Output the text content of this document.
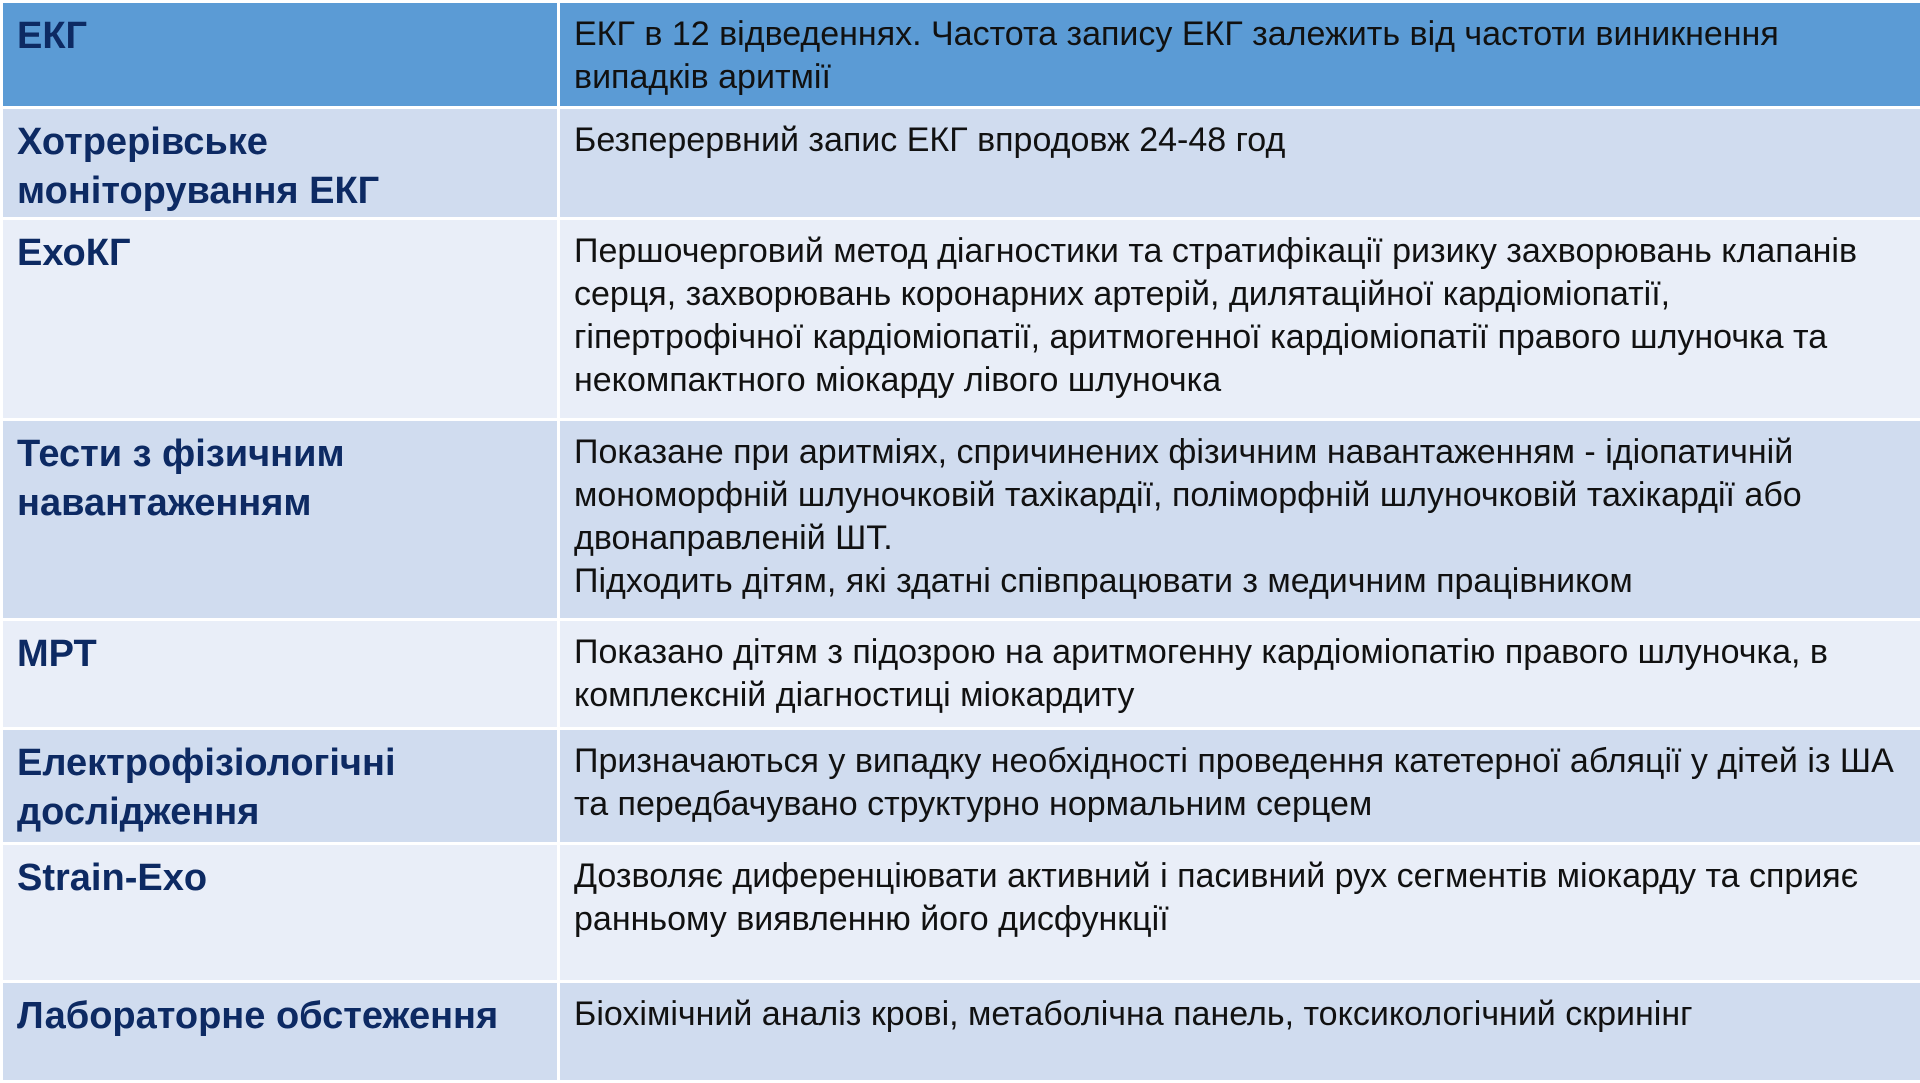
ЕКГ	ЕКГ в 12 відведеннях. Частота запису ЕКГ залежить від частоти виникнення випадків аритмії
Хотрерівське моніторування ЕКГ	Безперервний запис ЕКГ впродовж 24-48 год
ЕхоКГ	Першочерговий метод діагностики та стратифікації ризику захворювань клапанів серця, захворювань коронарних артерій, дилятаційної кардіоміопатії, гіпертрофічної кардіоміопатії, аритмогенної кардіоміопатії правого шлуночка та некомпактного міокарду лівого шлуночка
Тести з фізичним навантаженням	Показане при аритміях, спричинених фізичним навантаженням - ідіопатичній мономорфній шлуночковій тахікардії, поліморфній шлуночковій тахікардії або двонаправленій ШТ.
Підходить дітям, які здатні співпрацювати з медичним працівником
МРТ	Показано дітям з підозрою на аритмогенну кардіоміопатію правого шлуночка, в комплексній діагностиці міокардиту
Електрофізіологічні дослідження	Призначаються у випадку необхідності проведення катетерної абляції у дітей із ША та передбачувано структурно нормальним серцем
Strain-Exo	Дозволяє диференціювати активний і пасивний рух сегментів міокарду та сприяє ранньому виявленню його дисфункції
Лабораторне обстеження	Біохімічний аналіз крові, метаболічна панель, токсикологічний скринінг
